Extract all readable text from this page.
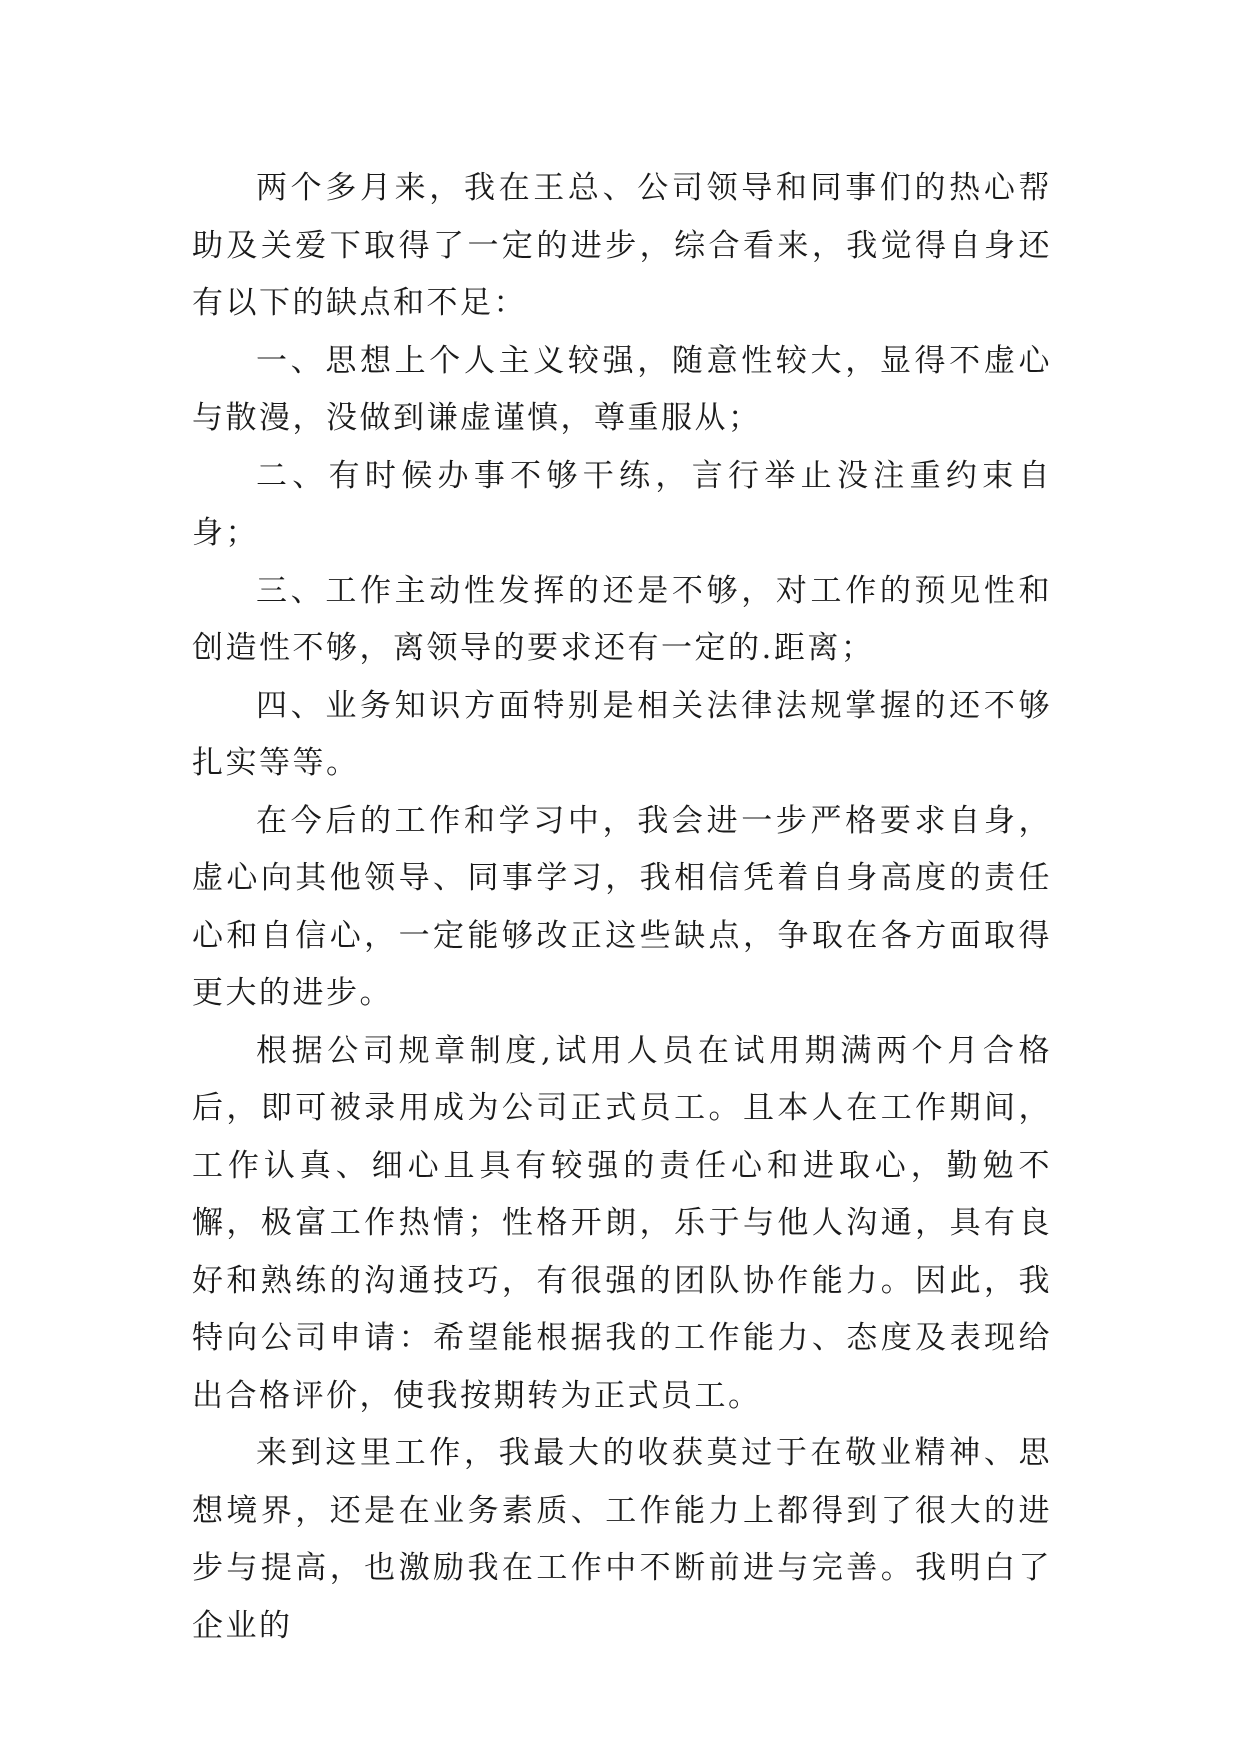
两个多月来，我在王总、公司领导和同事们的热心帮助及关爱下取得了一定的进步，综合看来，我觉得自身还有以下的缺点和不足：

一、思想上个人主义较强，随意性较大，显得不虚心与散漫，没做到谦虚谨慎，尊重服从；

二、有时候办事不够干练，言行举止没注重约束自身；

三、工作主动性发挥的还是不够，对工作的预见性和创造性不够，离领导的要求还有一定的.距离；

四、业务知识方面特别是相关法律法规掌握的还不够扎实等等。

在今后的工作和学习中，我会进一步严格要求自身，虚心向其他领导、同事学习，我相信凭着自身高度的责任心和自信心，一定能够改正这些缺点，争取在各方面取得更大的进步。

根据公司规章制度,试用人员在试用期满两个月合格后，即可被录用成为公司正式员工。且本人在工作期间，工作认真、细心且具有较强的责任心和进取心，勤勉不懈，极富工作热情；性格开朗，乐于与他人沟通，具有良好和熟练的沟通技巧，有很强的团队协作能力。因此，我特向公司申请：希望能根据我的工作能力、态度及表现给出合格评价，使我按期转为正式员工。

来到这里工作，我最大的收获莫过于在敬业精神、思想境界，还是在业务素质、工作能力上都得到了很大的进步与提高，也激励我在工作中不断前进与完善。我明白了企业的
